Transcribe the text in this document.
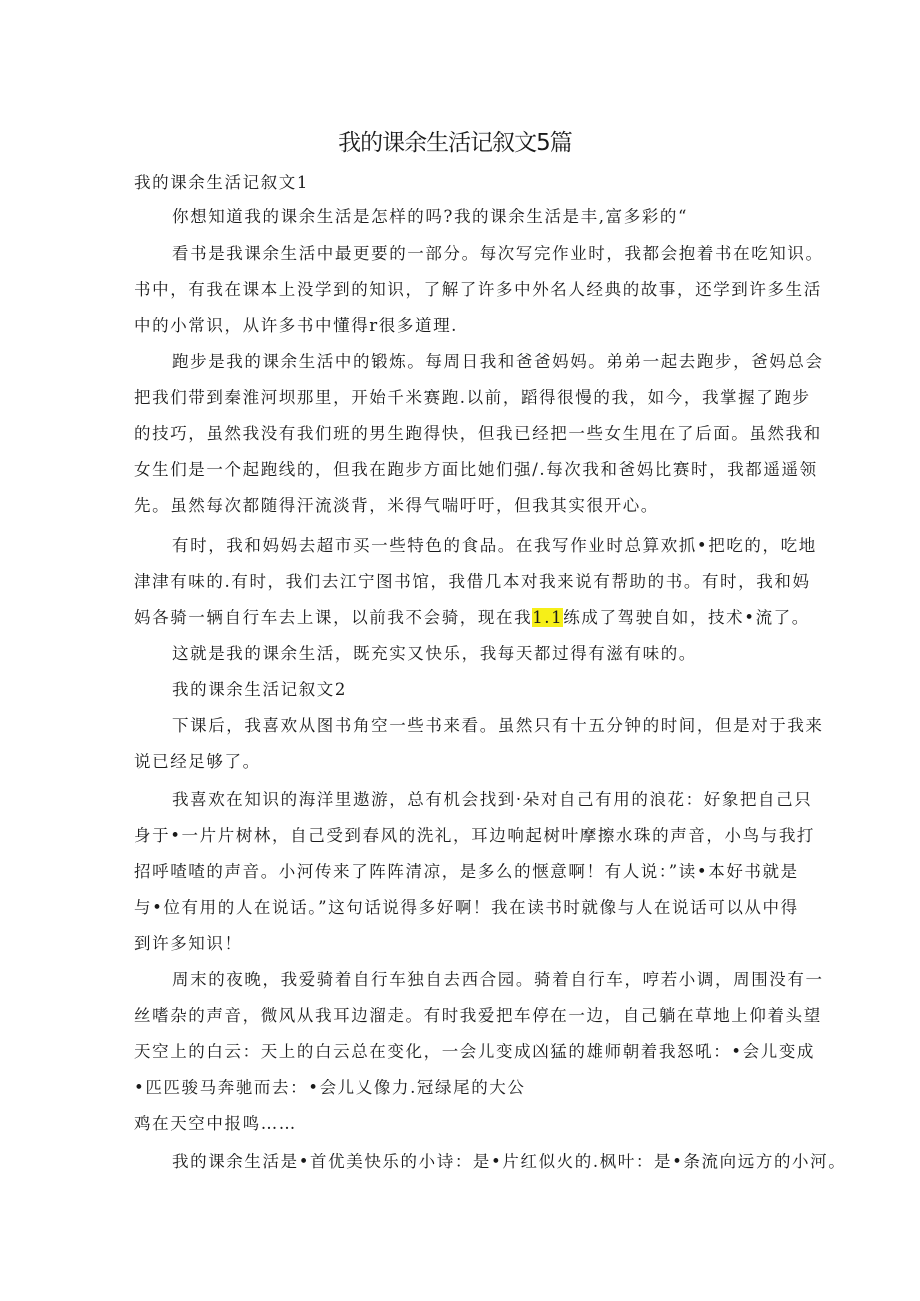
我的课余生活记叙文5篇
我的课余生活记叙文1
你想知道我的课余生活是怎样的吗?我的课余生活是丰,富多彩的“
看书是我课余生活中最更要的一部分。每次写完作业时，我都会抱着书在吃知识。
书中，有我在课本上没学到的知识，了解了许多中外名人经典的故事，还学到许多生活
中的小常识，从许多书中懂得r很多道理.
跑步是我的课余生活中的锻炼。每周日我和爸爸妈妈。弟弟一起去跑步，爸妈总会
把我们带到秦淮河坝那里，开始千米赛跑.以前，蹈得很慢的我，如今，我掌握了跑步
的技巧，虽然我没有我们班的男生跑得快，但我已经把一些女生甩在了后面。虽然我和
女生们是一个起跑线的，但我在跑步方面比她们强/.每次我和爸妈比赛时，我都遥遥领
先。虽然每次都随得汗流淡背，米得气喘吁吁，但我其实很开心。
有时，我和妈妈去超市买一些特色的食品。在我写作业时总算欢抓•把吃的，吃地
津津有味的.有时，我们去江宁图书馆，我借几本对我来说有帮助的书。有时，我和妈
妈各骑一辆自行车去上课，以前我不会骑，现在我1.1练成了驾驶自如，技术•流了。
这就是我的课余生活，既充实又快乐，我每天都过得有滋有味的。
我的课余生活记叙文2
下课后，我喜欢从图书角空一些书来看。虽然只有十五分钟的时间，但是对于我来
说已经足够了。
我喜欢在知识的海洋里遨游，总有机会找到·朵对自己有用的浪花：好象把自己只
身于•一片片树林，自己受到春风的洗礼，耳边响起树叶摩擦水珠的声音，小鸟与我打
招呼喳喳的声音。小河传来了阵阵清凉，是多么的惬意啊！有人说：”读•本好书就是
与•位有用的人在说话。”这句话说得多好啊！我在读书时就像与人在说话可以从中得
到许多知识！
周末的夜晚，我爱骑着自行车独自去西合园。骑着自行车，哼若小调，周围没有一
丝嗜杂的声音，微风从我耳边溜走。有时我爱把车停在一边，自己躺在草地上仰着头望
天空上的白云：天上的白云总在变化，一会儿变成凶猛的雄师朝着我怒吼：•会儿变成
•匹匹骏马奔驰而去：•会儿乂像力.冠绿尾的大公
鸡在天空中报鸣……
我的课余生活是•首优美快乐的小诗：是•片红似火的.枫叶：是•条流向远方的小河。
